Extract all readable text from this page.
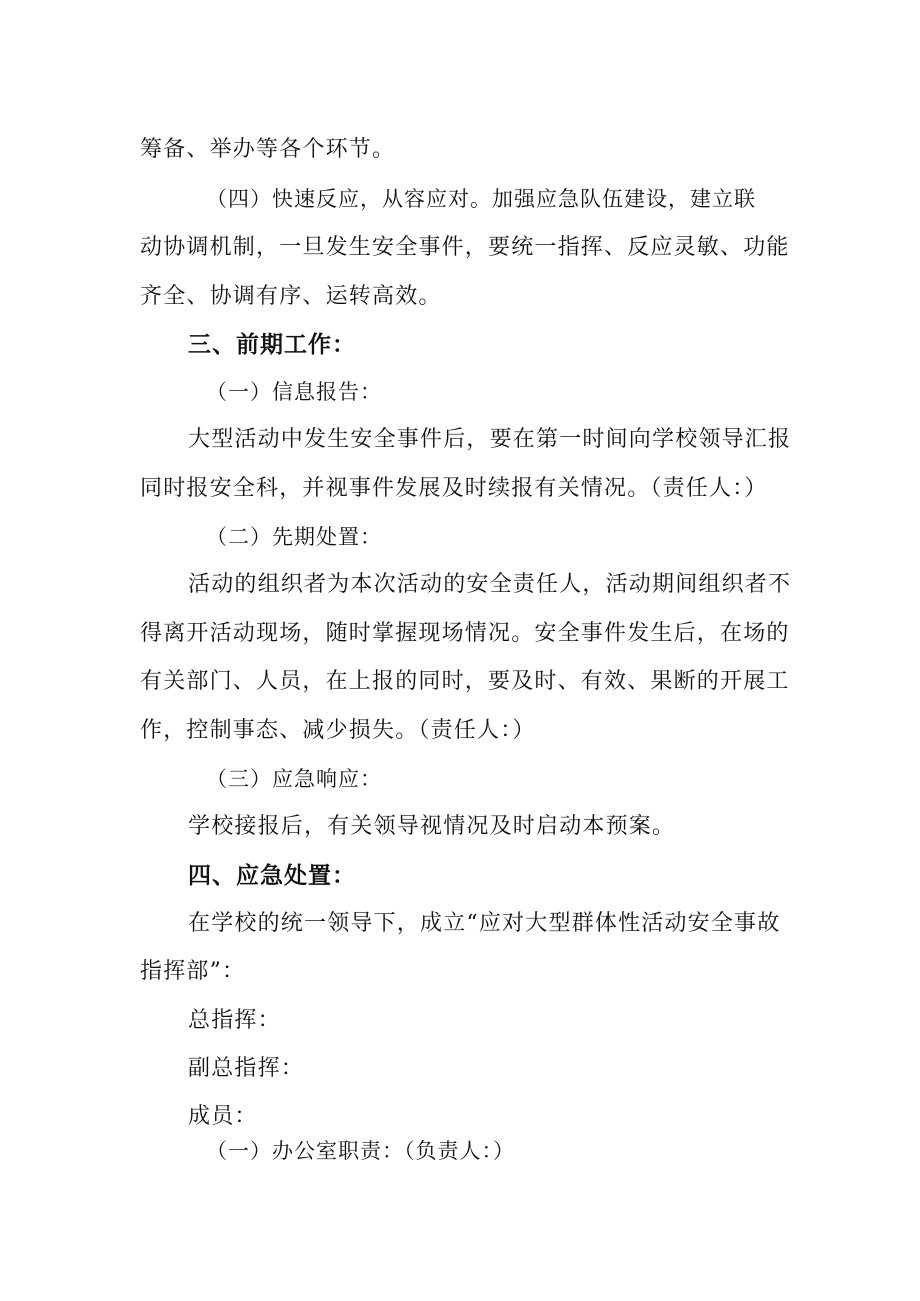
筹备、举办等各个环节。

（四）快速反应，从容应对。加强应急队伍建设，建立联

动协调机制，一旦发生安全事件，要统一指挥、反应灵敏、功能

齐全、协调有序、运转高效。

三、前期工作：

（一）信息报告：

大型活动中发生安全事件后，要在第一时间向学校领导汇报

同时报安全科，并视事件发展及时续报有关情况。（责任人：）

（二）先期处置：

活动的组织者为本次活动的安全责任人，活动期间组织者不

得离开活动现场，随时掌握现场情况。安全事件发生后，在场的

有关部门、人员，在上报的同时，要及时、有效、果断的开展工

作，控制事态、减少损失。（责任人：）

（三）应急响应：

学校接报后，有关领导视情况及时启动本预案。

四、应急处置：

在学校的统一领导下，成立“应对大型群体性活动安全事故

指挥部”：

总指挥：

副总指挥：

成员：

（一）办公室职责：（负责人：）
